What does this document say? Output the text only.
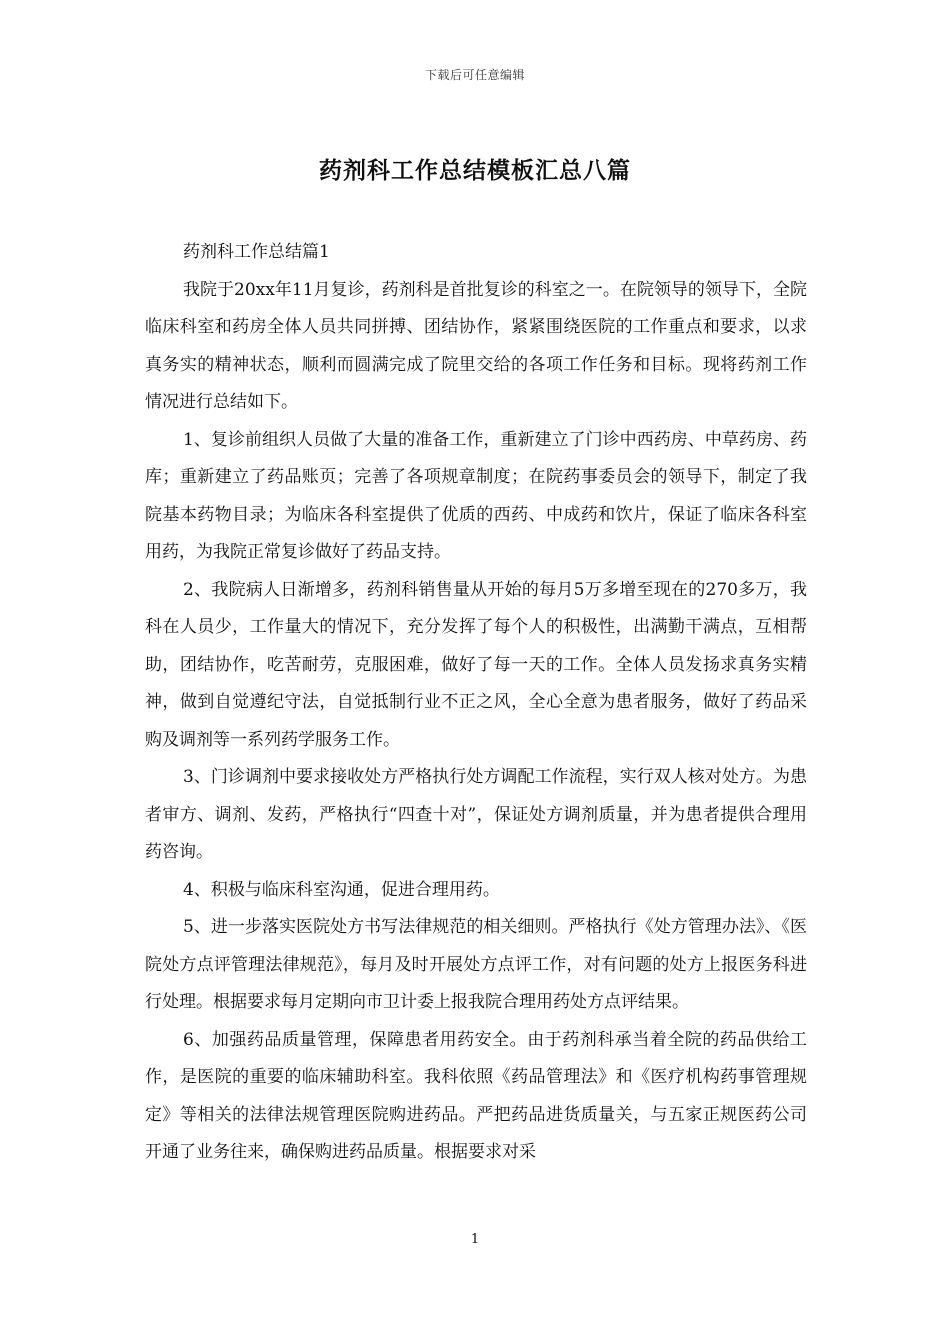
下载后可任意编辑
药剂科工作总结模板汇总八篇

药剂科工作总结篇1

我院于20xx年11月复诊，药剂科是首批复诊的科室之一。在院领导的领导下，全院临床科室和药房全体人员共同拼搏、团结协作，紧紧围绕医院的工作重点和要求，以求真务实的精神状态，顺利而圆满完成了院里交给的各项工作任务和目标。现将药剂工作情况进行总结如下。

1、复诊前组织人员做了大量的准备工作，重新建立了门诊中西药房、中草药房、药库；重新建立了药品账页；完善了各项规章制度；在院药事委员会的领导下，制定了我院基本药物目录；为临床各科室提供了优质的西药、中成药和饮片，保证了临床各科室用药，为我院正常复诊做好了药品支持。

2、我院病人日渐增多，药剂科销售量从开始的每月5万多增至现在的270多万，我科在人员少，工作量大的情况下，充分发挥了每个人的积极性，出满勤干满点，互相帮助，团结协作，吃苦耐劳，克服困难，做好了每一天的工作。全体人员发扬求真务实精神，做到自觉遵纪守法，自觉抵制行业不正之风，全心全意为患者服务，做好了药品采购及调剂等一系列药学服务工作。

3、门诊调剂中要求接收处方严格执行处方调配工作流程，实行双人核对处方。为患者审方、调剂、发药，严格执行“四查十对”，保证处方调剂质量，并为患者提供合理用药咨询。

4、积极与临床科室沟通，促进合理用药。

5、进一步落实医院处方书写法律规范的相关细则。严格执行《处方管理办法》、《医院处方点评管理法律规范》，每月及时开展处方点评工作，对有问题的处方上报医务科进行处理。根据要求每月定期向市卫计委上报我院合理用药处方点评结果。

6、加强药品质量管理，保障患者用药安全。由于药剂科承当着全院的药品供给工作，是医院的重要的临床辅助科室。我科依照《药品管理法》和《医疗机构药事管理规定》等相关的法律法规管理医院购进药品。严把药品进货质量关，与五家正规医药公司开通了业务往来，确保购进药品质量。根据要求对采

1
